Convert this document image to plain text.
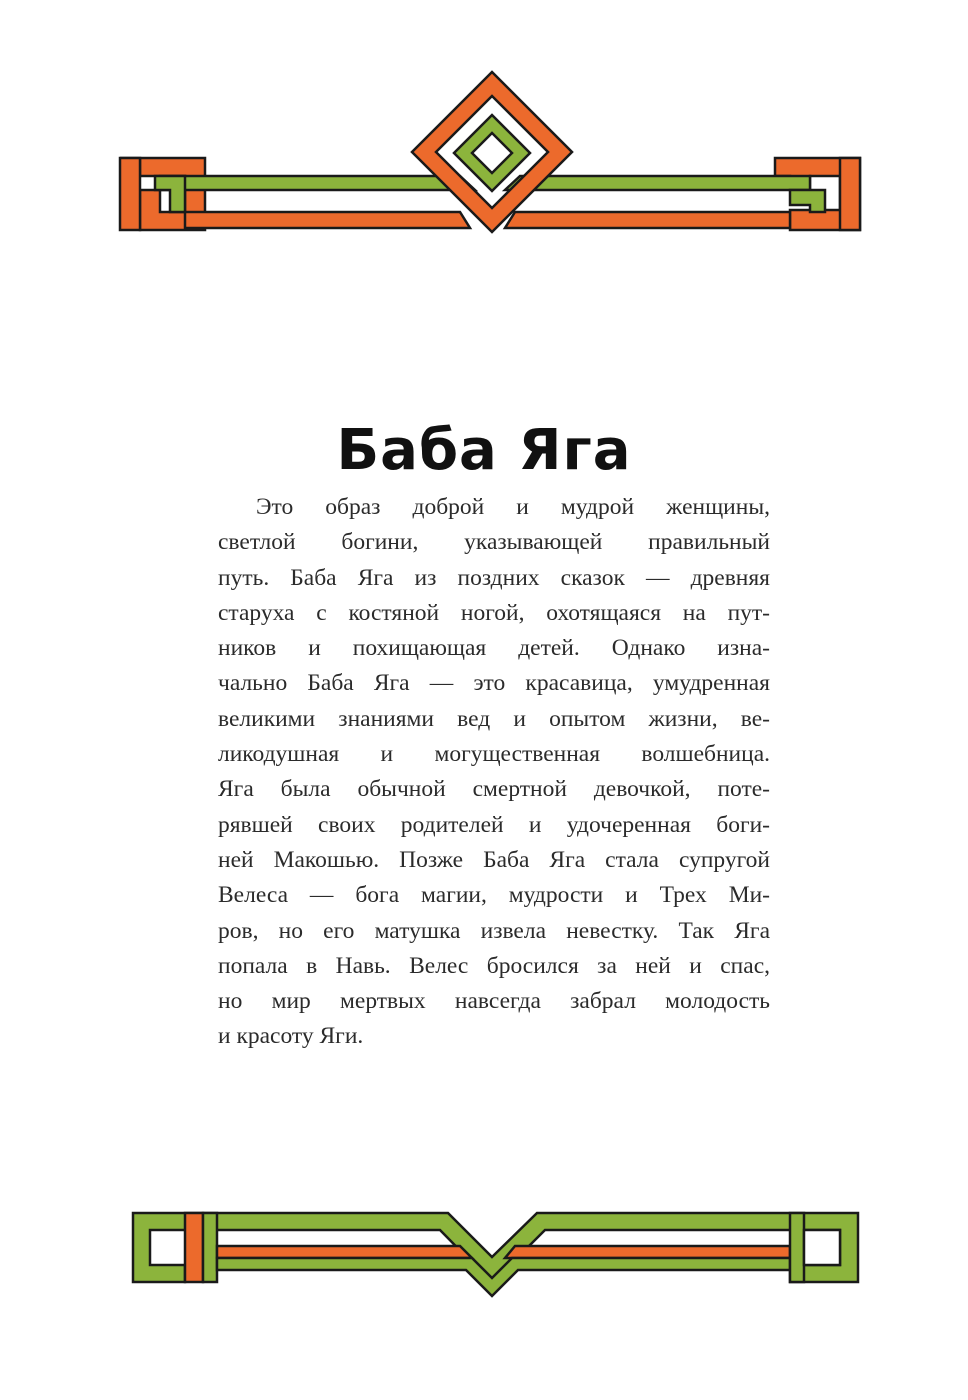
Баба Яга
Это образ доброй и мудрой женщины,
светлой богини, указывающей правильный
путь. Баба Яга из поздних сказок — древняя
старуха с костяной ногой, охотящаяся на пут-
ников и похищающая детей. Однако изна-
чально Баба Яга — это красавица, умудренная
великими знаниями вед и опытом жизни, ве-
ликодушная и могущественная волшебница.
Яга была обычной смертной девочкой, поте-
рявшей своих родителей и удочеренная боги-
ней Макошью. Позже Баба Яга стала супругой
Велеса — бога магии, мудрости и Трех Ми-
ров, но его матушка извела невестку. Так Яга
попала в Навь. Велес бросился за ней и спас,
но мир мертвых навсегда забрал молодость
и красоту Яги.
